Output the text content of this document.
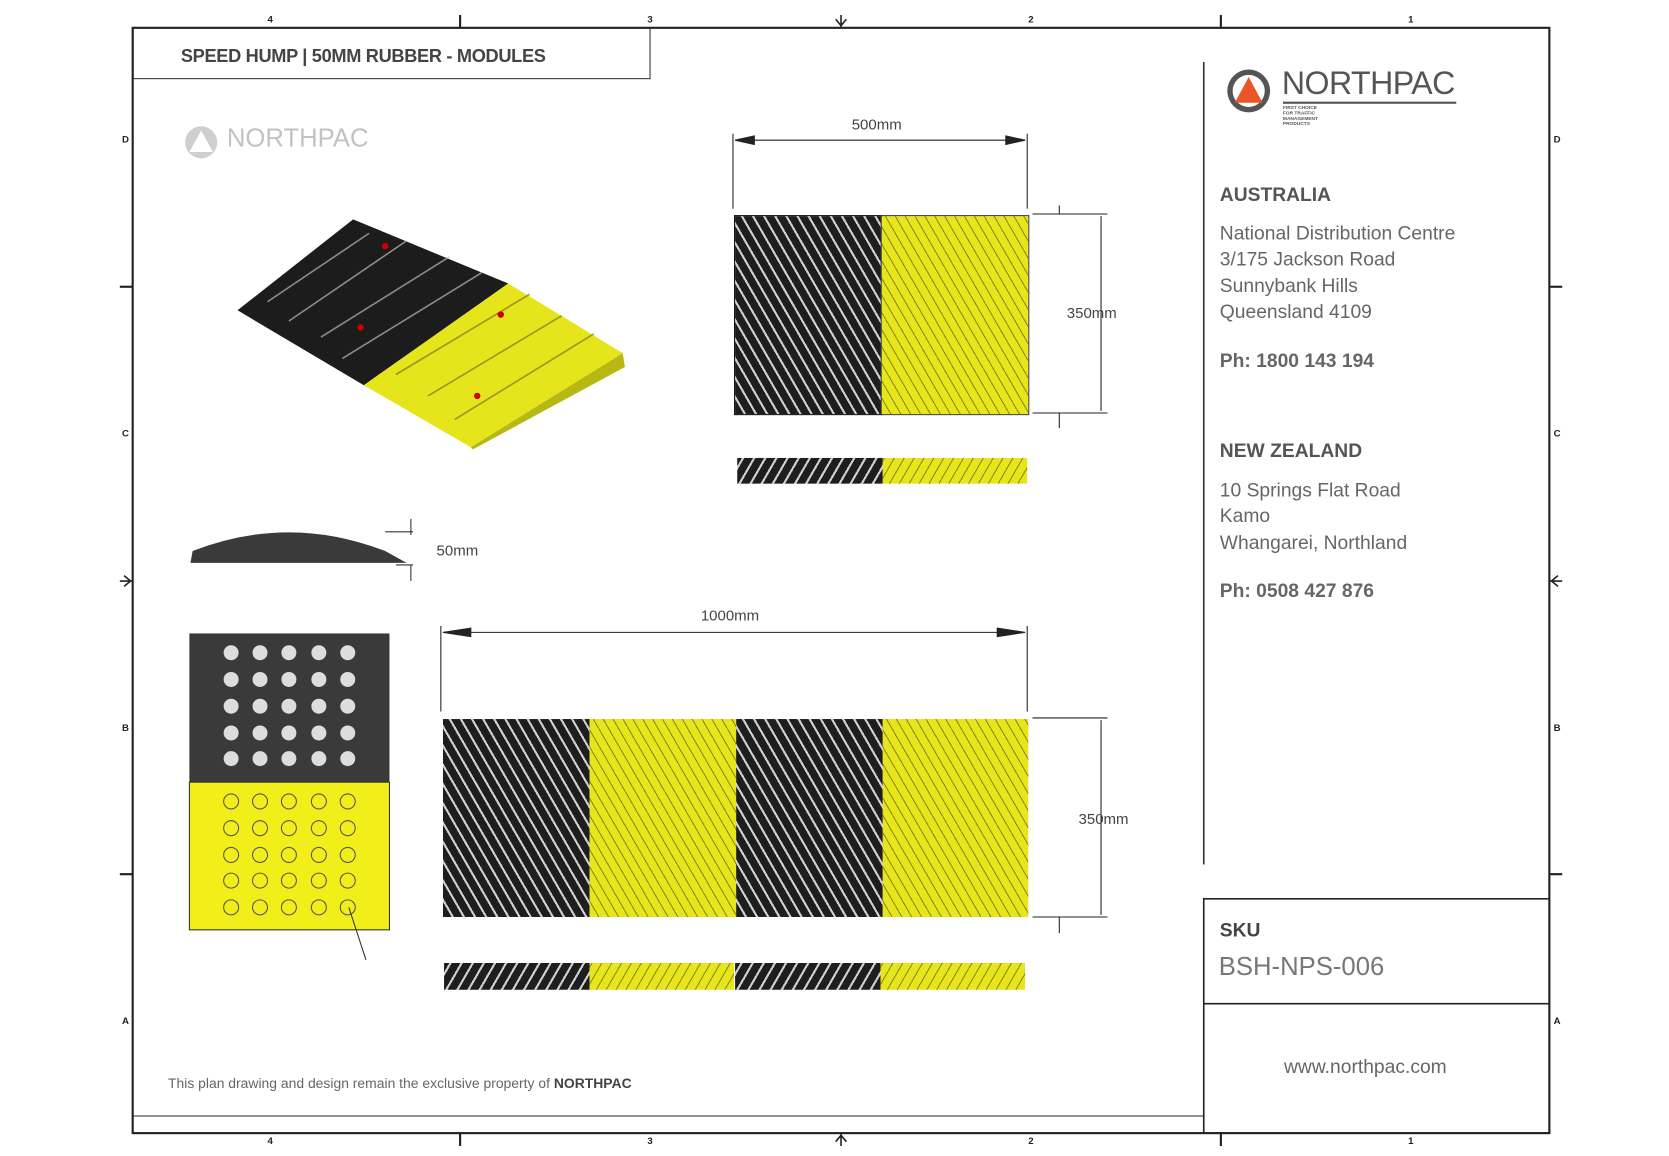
4	3	2	1
4	3	2	1
D
C
B
A
D
C
B
A
500mm
350mm
50mm
1000mm
350mm
SPEED HUMP | 50MM RUBBER - MODULES
NORTHPAC
NORTHPAC
FIRST CHOICE FOR TRAFFIC MANAGEMENT PRODUCTS
AUSTRALIA
National Distribution Centre
3/175 Jackson Road
Sunnybank Hills
Queensland 4109
Ph: 1800 143 194
NEW ZEALAND
10 Springs Flat Road
Kamo
Whangarei, Northland
Ph: 0508 427 876
SKU
BSH-NPS-006
www.northpac.com
This plan drawing and design remain the exclusive property of NORTHPAC
